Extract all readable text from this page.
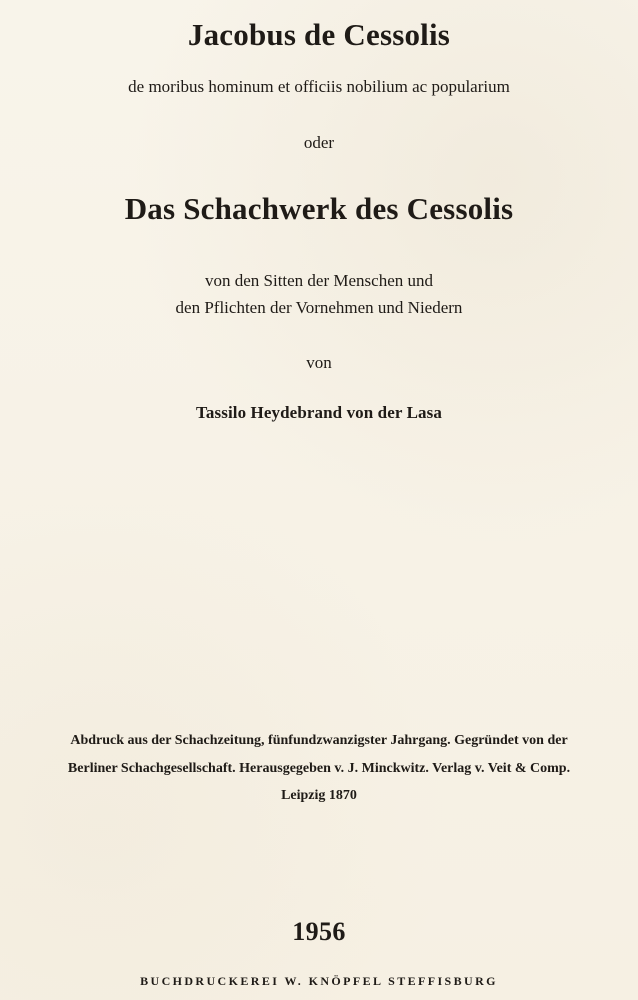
Jacobus de Cessolis
de moribus hominum et officiis nobilium ac popularium
oder
Das Schachwerk des Cessolis
von den Sitten der Menschen und
den Pflichten der Vornehmen und Niedern
von
Tassilo Heydebrand von der Lasa
Abdruck aus der Schachzeitung, fünfundzwanzigster Jahrgang. Gegründet von der
Berliner Schachgesellschaft. Herausgegeben v. J. Minckwitz. Verlag v. Veit & Comp.
Leipzig 1870
1956
BUCHDRUCKEREI W. KNÖPFEL STEFFISBURG
